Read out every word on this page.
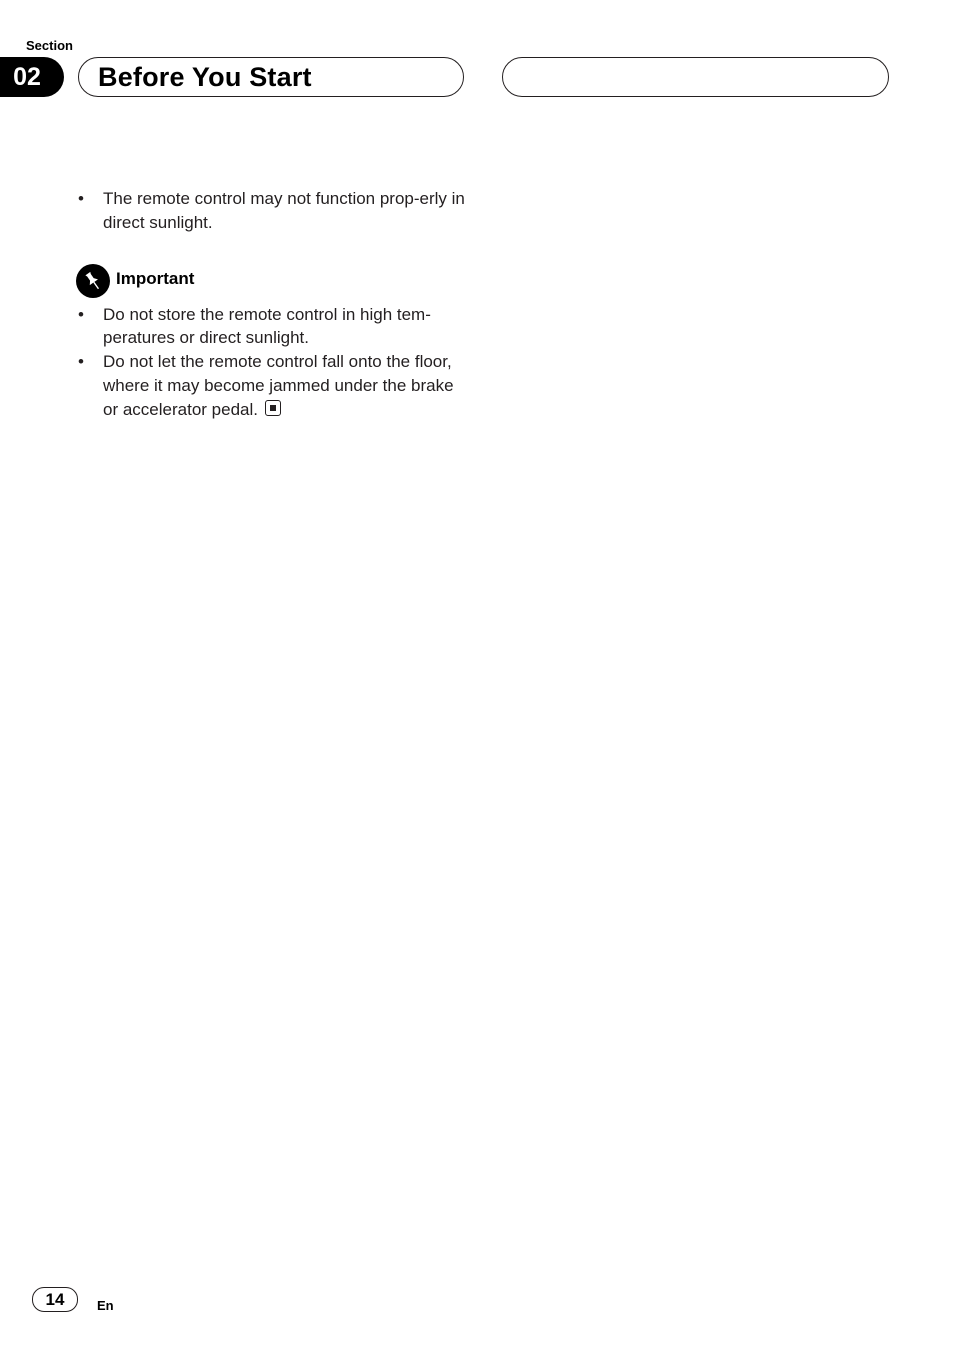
Section
02	Before You Start
• The remote control may not function prop-erly in direct sunlight.
Important
• Do not store the remote control in high tem-peratures or direct sunlight.
• Do not let the remote control fall onto the floor, where it may become jammed under the brake or accelerator pedal.
14	En
